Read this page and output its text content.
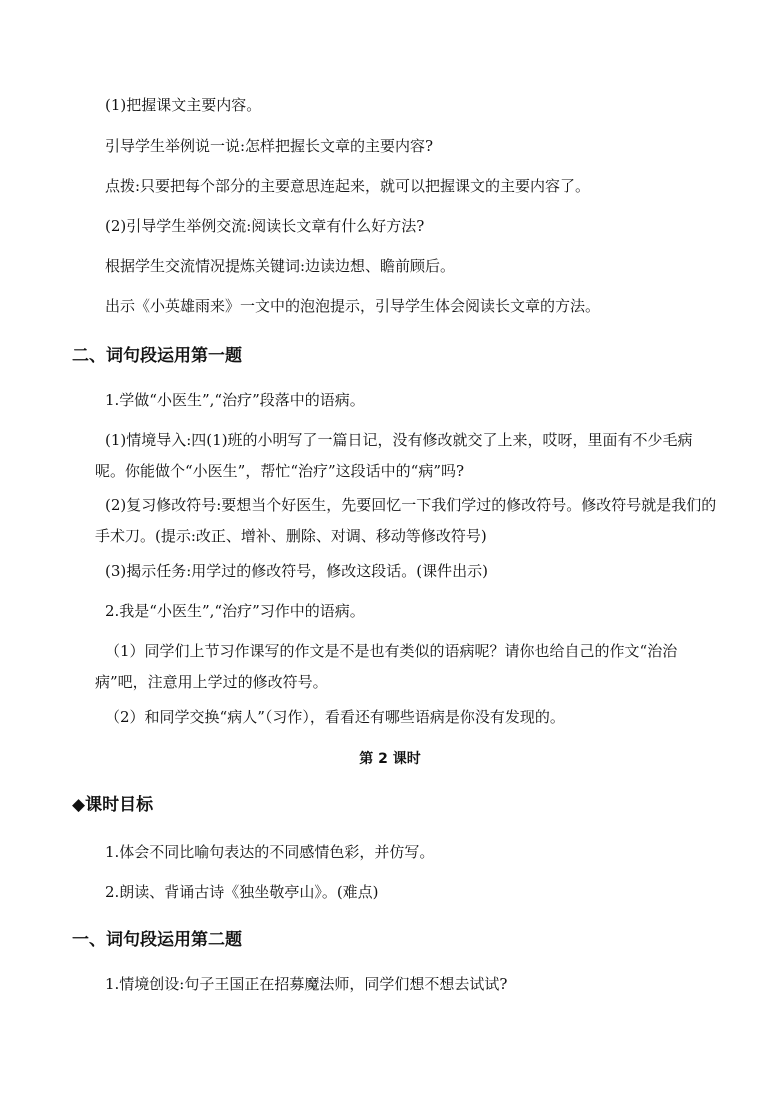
(1)把握课文主要内容。
引导学生举例说一说:怎样把握长文章的主要内容?
点拨:只要把每个部分的主要意思连起来，就可以把握课文的主要内容了。
(2)引导学生举例交流:阅读长文章有什么好方法?
根据学生交流情况提炼关键词:边读边想、瞻前顾后。
出示《小英雄雨来》一文中的泡泡提示，引导学生体会阅读长文章的方法。
二、词句段运用第一题
1.学做“小医生”,“治疗”段落中的语病。
(1)情境导入:四(1)班的小明写了一篇日记，没有修改就交了上来，哎呀，里面有不少毛病呢。你能做个“小医生”，帮忙“治疗”这段话中的“病”吗?
(2)复习修改符号:要想当个好医生，先要回忆一下我们学过的修改符号。修改符号就是我们的手术刀。(提示:改正、增补、删除、对调、移动等修改符号)
(3)揭示任务:用学过的修改符号，修改这段话。(课件出示)
2.我是“小医生”,“治疗”习作中的语病。
（1）同学们上节习作课写的作文是不是也有类似的语病呢？请你也给自己的作文“治治病”吧，注意用上学过的修改符号。
（2）和同学交换“病人”（习作），看看还有哪些语病是你没有发现的。
第 2 课时
◆课时目标
1.体会不同比喻句表达的不同感情色彩，并仿写。
2.朗读、背诵古诗《独坐敬亭山》。(难点)
一、词句段运用第二题
1.情境创设:句子王国正在招募魔法师，同学们想不想去试试?
